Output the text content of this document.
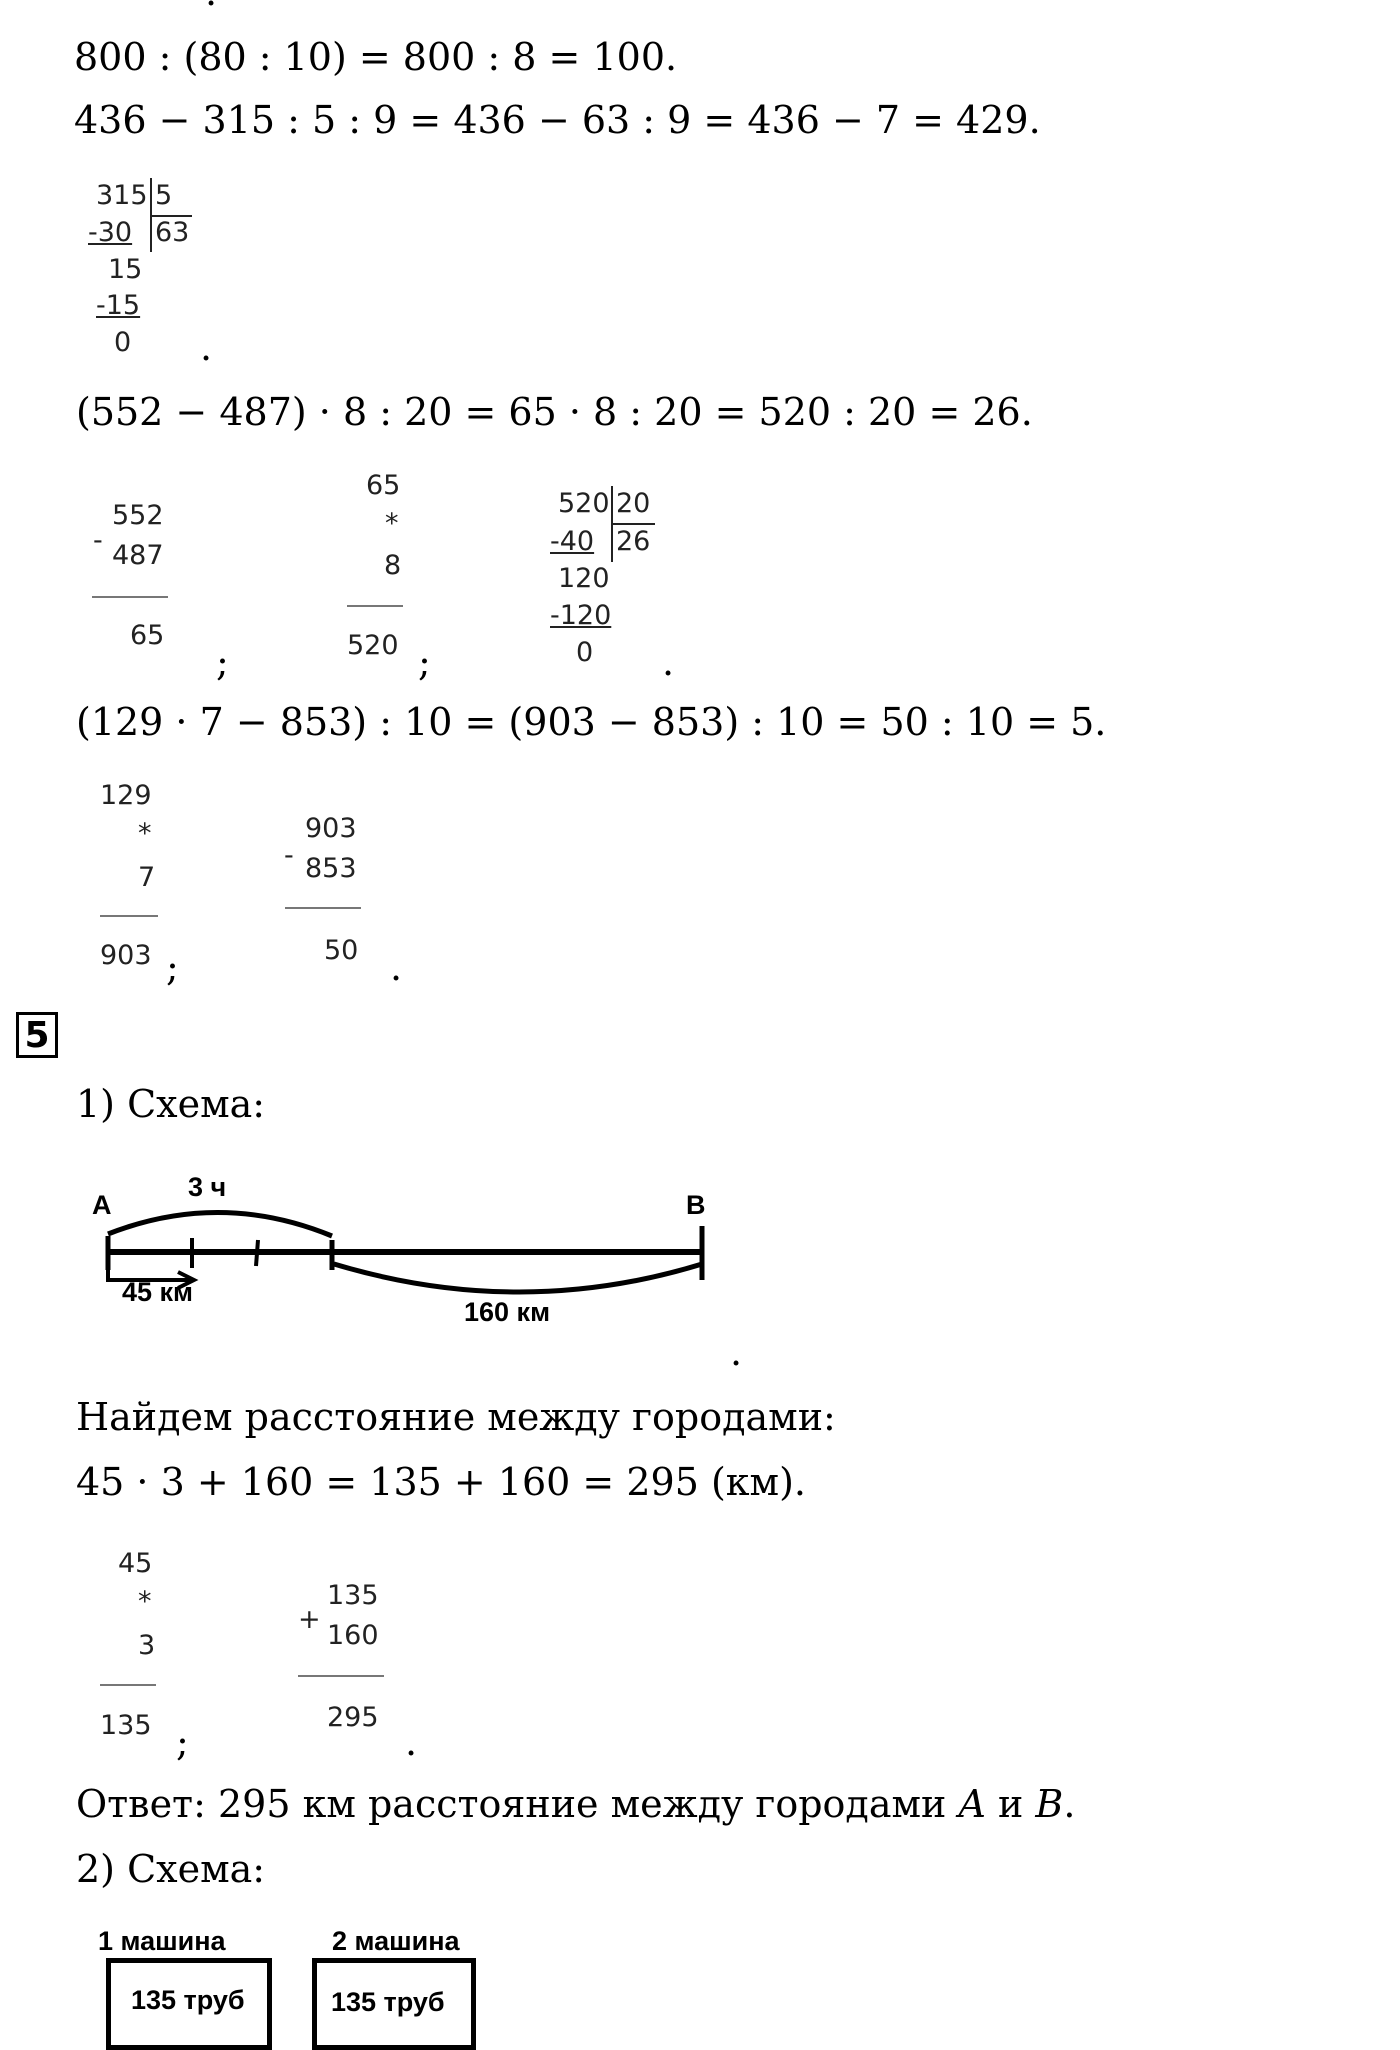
800 : (80 : 10) = 800 : 8 = 100.
436 − 315 : 5 : 9 = 436 − 63 : 9 = 436 − 7 = 429.
315 5
-30 63
15
-15
0 .
(552 − 487) · 8 : 20 = 65 · 8 : 20 = 520 : 20 = 26.
-
552
487
65
;
65
*
8
520 ;
520 20
-40 26
120
-120
0 .
(129 · 7 − 853) : 10 = (903 − 853) : 10 = 50 : 10 = 5.
129
*
7
903 ;
-
903
853
50 .
5
1) Схема:
A	B
3 ч
45 км
160 км
.
Найдем расстояние между городами:
45 · 3 + 160 = 135 + 160 = 295 (км).
45
*
3
135 ;
+
135
160
295
.
Ответ: 295 км расстояние между городами A и B.
2) Схема:
1 машина
135 труб
2 машина
135 труб
